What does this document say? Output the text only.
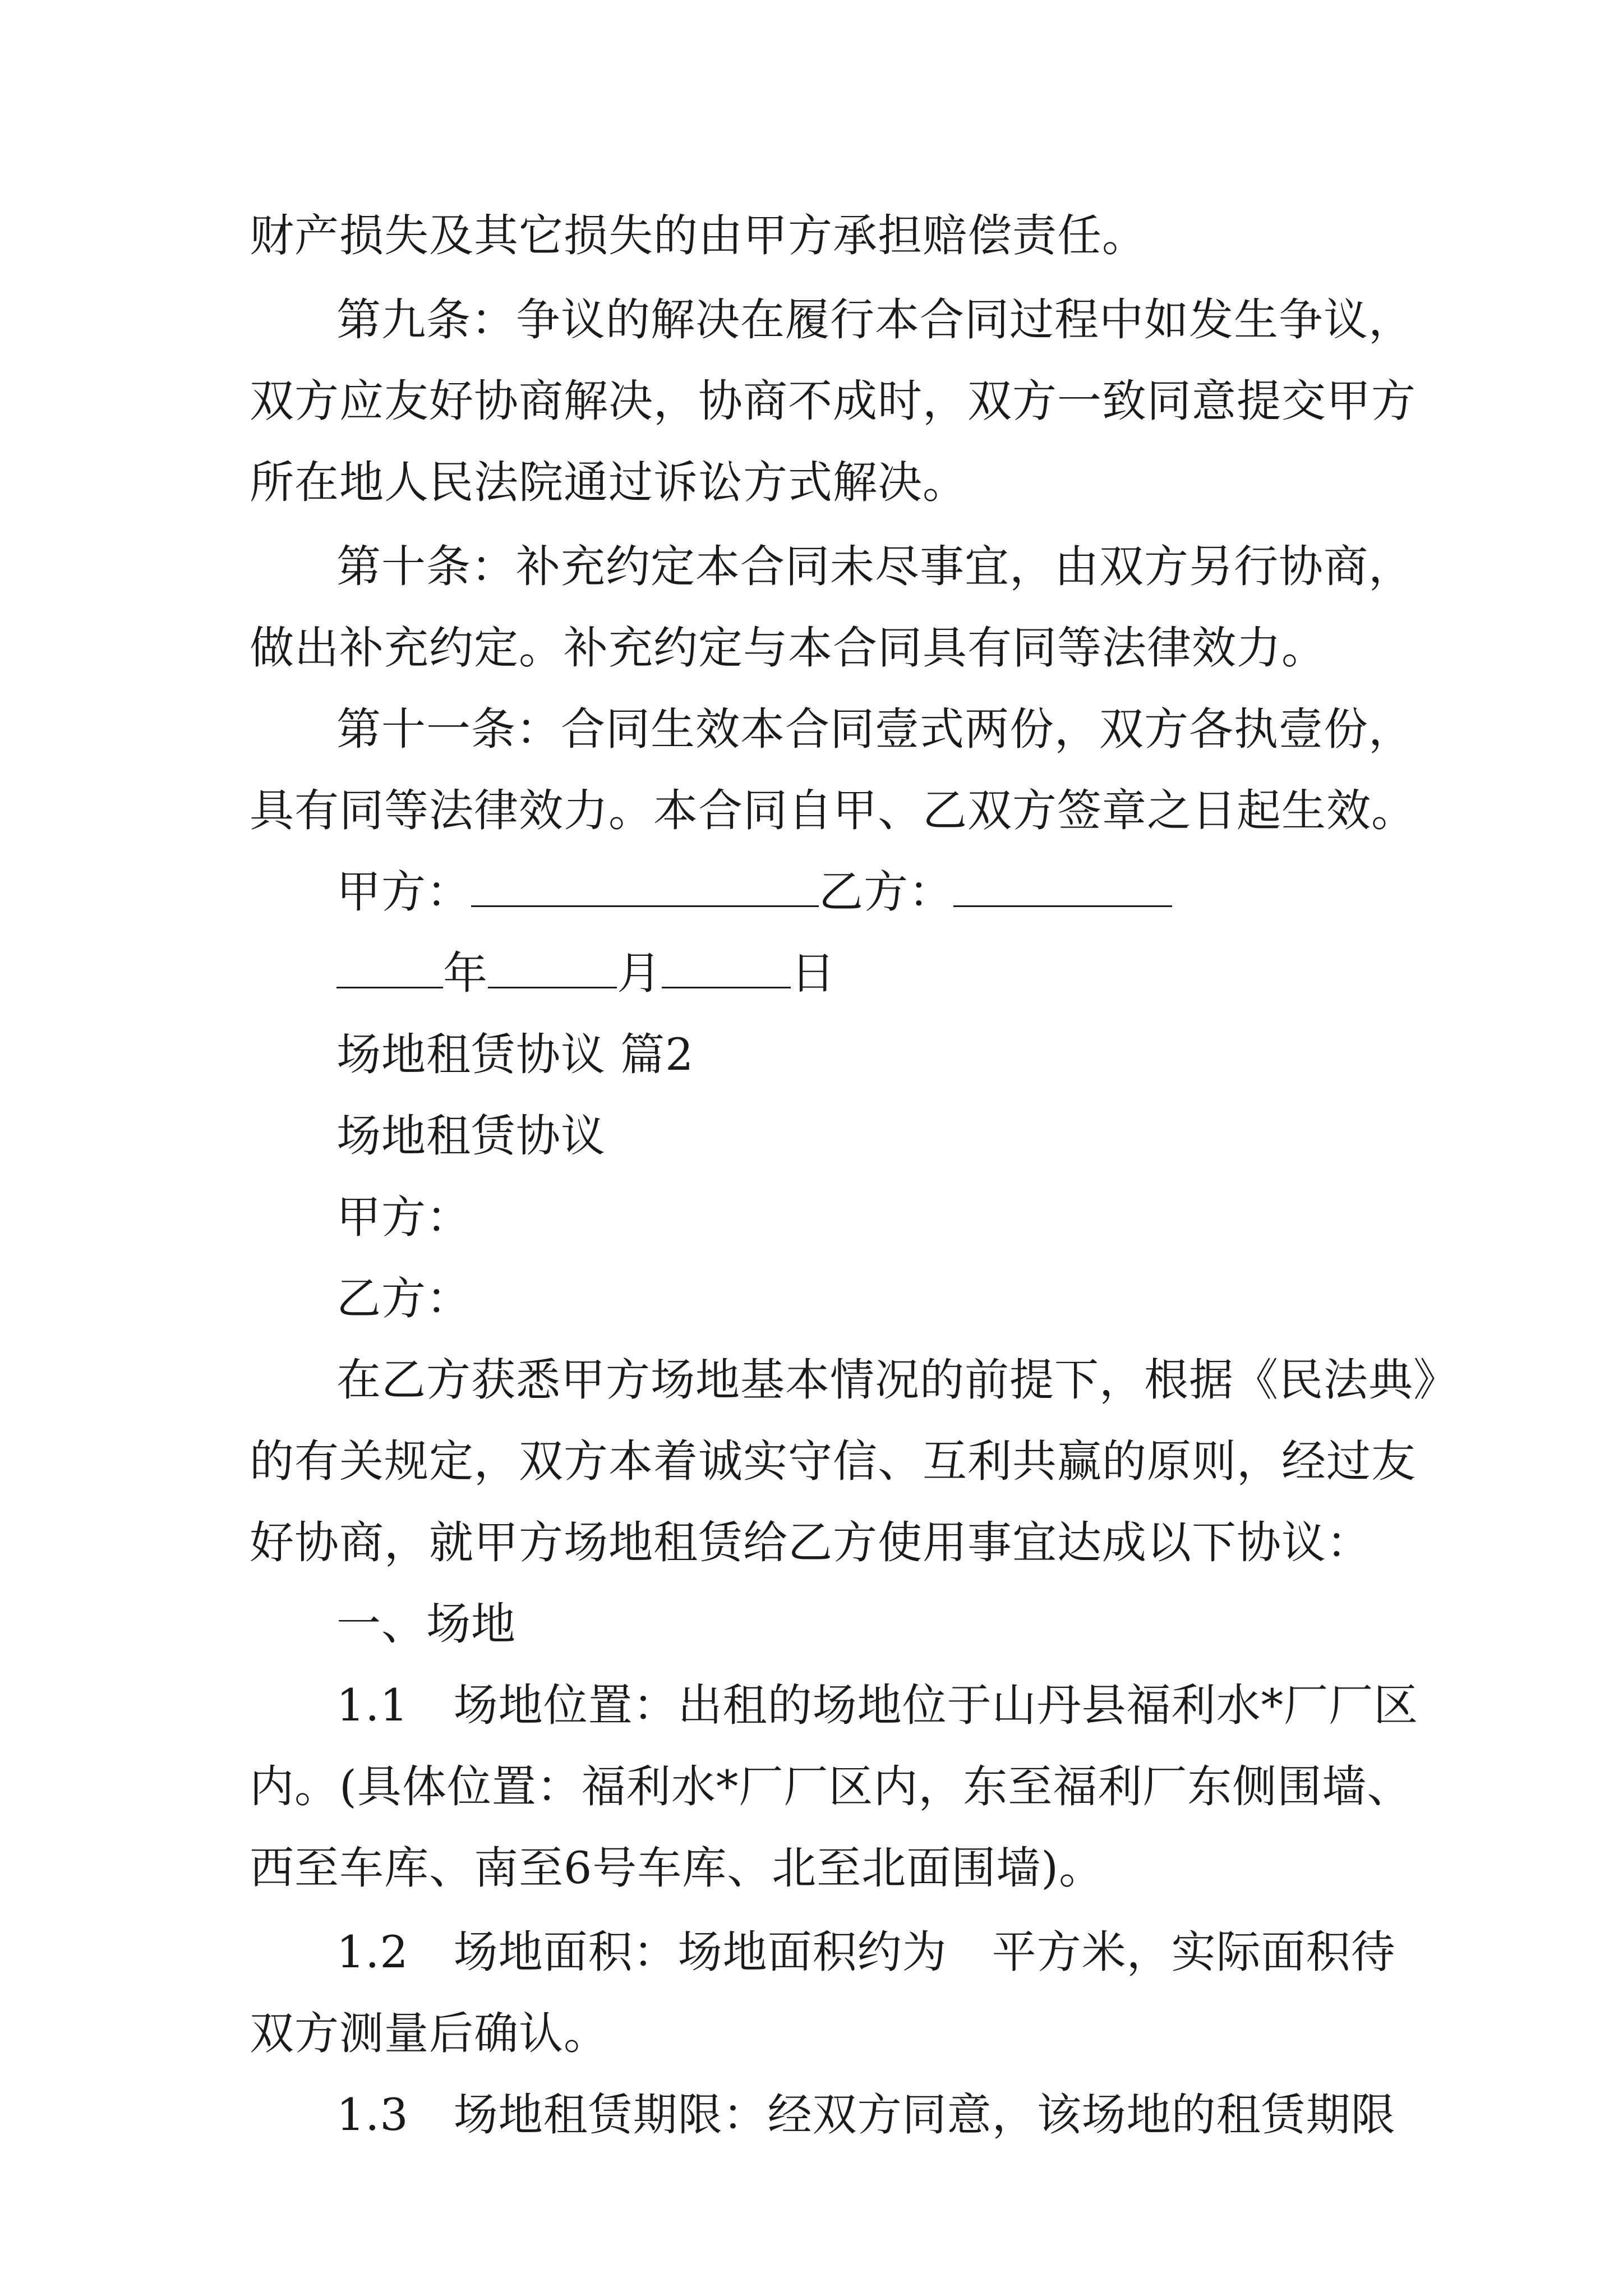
财产损失及其它损失的由甲方承担赔偿责任。
第九条：争议的解决在履行本合同过程中如发生争议，
双方应友好协商解决，协商不成时，双方一致同意提交甲方
所在地人民法院通过诉讼方式解决。
第十条：补充约定本合同未尽事宜，由双方另行协商，
做出补充约定。补充约定与本合同具有同等法律效力。
第十一条：合同生效本合同壹式两份，双方各执壹份，
具有同等法律效力。本合同自甲、乙双方签章之日起生效。
甲方：	乙方：
年	月	日
场地租赁协议 篇2
场地租赁协议
甲方：
乙方：
在乙方获悉甲方场地基本情况的前提下，根据《民法典》
的有关规定，双方本着诚实守信、互利共赢的原则，经过友
好协商，就甲方场地租赁给乙方使用事宜达成以下协议：
一、场地
1.1　场地位置：出租的场地位于山丹县福利水*厂厂区
内。(具体位置：福利水*厂厂区内，东至福利厂东侧围墙、
西至车库、南至6号车库、北至北面围墙)。
1.2　场地面积：场地面积约为　平方米，实际面积待
双方测量后确认。
1.3　场地租赁期限：经双方同意，该场地的租赁期限
